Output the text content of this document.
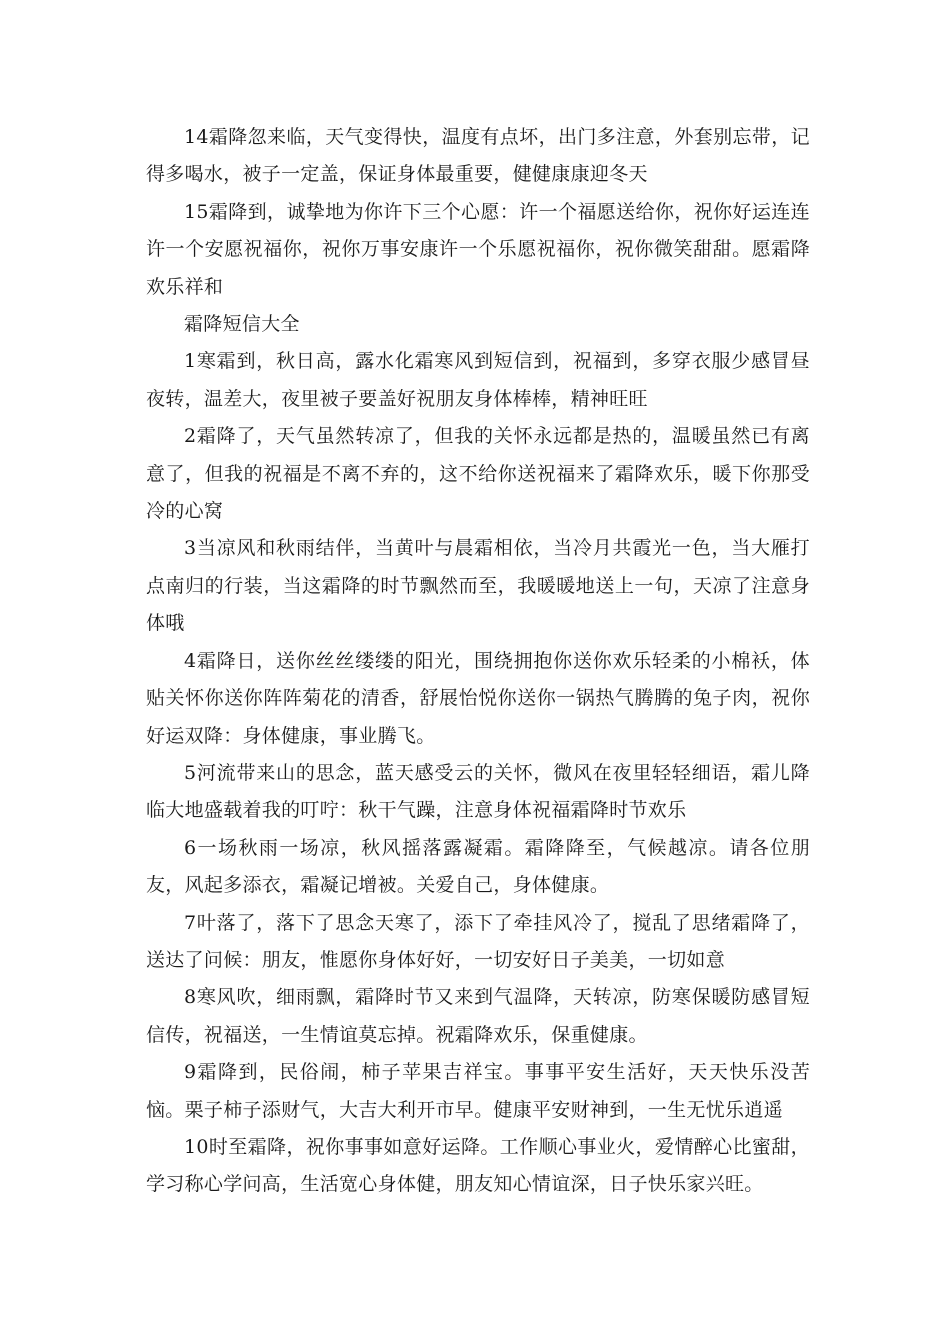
14霜降忽来临，天气变得快，温度有点坏，出门多注意，外套别忘带，记得多喝水，被子一定盖，保证身体最重要，健健康康迎冬天

15霜降到，诚挚地为你许下三个心愿：许一个福愿送给你，祝你好运连连许一个安愿祝福你，祝你万事安康许一个乐愿祝福你，祝你微笑甜甜。愿霜降欢乐祥和

霜降短信大全

1寒霜到，秋日高，露水化霜寒风到短信到，祝福到，多穿衣服少感冒昼夜转，温差大，夜里被子要盖好祝朋友身体棒棒，精神旺旺

2霜降了，天气虽然转凉了，但我的关怀永远都是热的，温暖虽然已有离意了，但我的祝福是不离不弃的，这不给你送祝福来了霜降欢乐，暖下你那受冷的心窝

3当凉风和秋雨结伴，当黄叶与晨霜相依，当冷月共霞光一色，当大雁打点南归的行装，当这霜降的时节飘然而至，我暖暖地送上一句，天凉了注意身体哦

4霜降日，送你丝丝缕缕的阳光，围绕拥抱你送你欢乐轻柔的小棉袄，体贴关怀你送你阵阵菊花的清香，舒展怡悦你送你一锅热气腾腾的兔子肉，祝你好运双降：身体健康，事业腾飞。

5河流带来山的思念，蓝天感受云的关怀，微风在夜里轻轻细语，霜儿降临大地盛载着我的叮咛：秋干气躁，注意身体祝福霜降时节欢乐

6一场秋雨一场凉，秋风摇落露凝霜。霜降降至，气候越凉。请各位朋友，风起多添衣，霜凝记增被。关爱自己，身体健康。

7叶落了，落下了思念天寒了，添下了牵挂风冷了，搅乱了思绪霜降了，送达了问候：朋友，惟愿你身体好好，一切安好日子美美，一切如意

8寒风吹，细雨飘，霜降时节又来到气温降，天转凉，防寒保暖防感冒短信传，祝福送，一生情谊莫忘掉。祝霜降欢乐，保重健康。

9霜降到，民俗闹，柿子苹果吉祥宝。事事平安生活好，天天快乐没苦恼。栗子柿子添财气，大吉大利开市早。健康平安财神到，一生无忧乐逍遥

10时至霜降，祝你事事如意好运降。工作顺心事业火，爱情醉心比蜜甜，学习称心学问高，生活宽心身体健，朋友知心情谊深，日子快乐家兴旺。
